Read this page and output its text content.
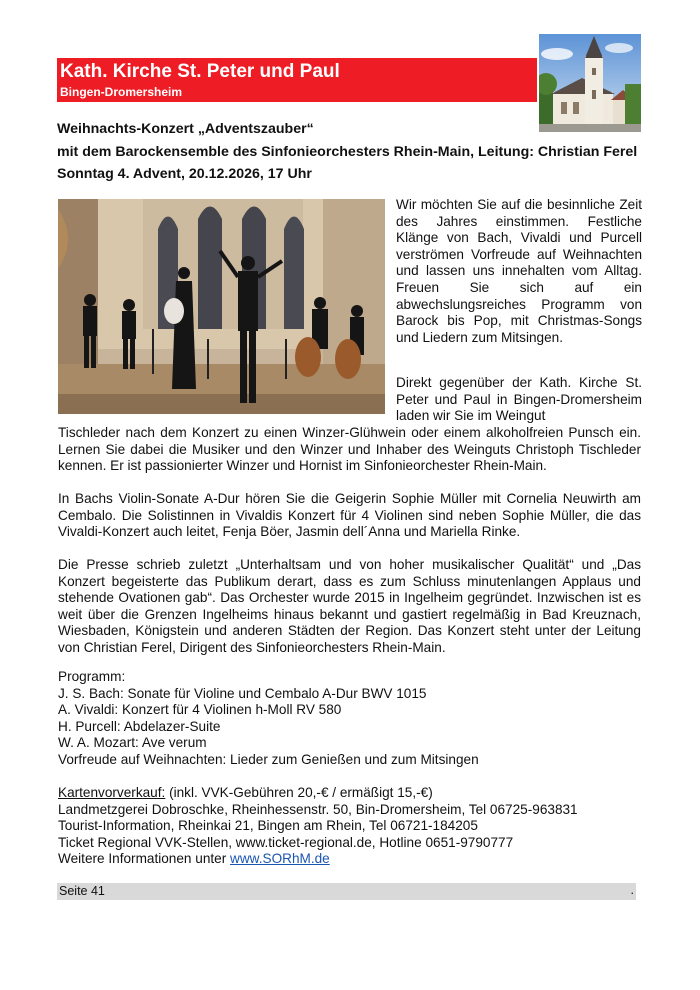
Kath. Kirche St. Peter und Paul
Bingen-Dromersheim
Weihnachts-Konzert „Adventszauber“
mit dem Barockensemble des Sinfonieorchesters Rhein-Main, Leitung: Christian Ferel
Sonntag 4. Advent, 20.12.2026, 17 Uhr

Wir möchten Sie auf die besinnliche Zeit des Jahres einstimmen. Festliche Klänge von Bach, Vivaldi und Purcell verströmen Vorfreude auf Weihnachten und lassen uns innehalten vom Alltag. Freuen Sie sich auf ein abwechslungsreiches Programm von Barock bis Pop, mit Christmas-Songs und Liedern zum Mitsingen.

Direkt gegenüber der Kath. Kirche St. Peter und Paul in Bingen-Dromersheim laden wir Sie im Weingut

Tischleder nach dem Konzert zu einen Winzer-Glühwein oder einem alkoholfreien Punsch ein. Lernen Sie dabei die Musiker und den Winzer und Inhaber des Weinguts Christoph Tischleder kennen. Er ist passionierter Winzer und Hornist im Sinfonieorchester Rhein-Main.

In Bachs Violin-Sonate A-Dur hören Sie die Geigerin Sophie Müller mit Cornelia Neuwirth am Cembalo. Die Solistinnen in Vivaldis Konzert für 4 Violinen sind neben Sophie Müller, die das Vivaldi-Konzert auch leitet, Fenja Böer, Jasmin dell´Anna und Mariella Rinke.

Die Presse schrieb zuletzt „Unterhaltsam und von hoher musikalischer Qualität“ und „Das Konzert begeisterte das Publikum derart, dass es zum Schluss minutenlangen Applaus und stehende Ovationen gab“. Das Orchester wurde 2015 in Ingelheim gegründet. Inzwischen ist es weit über die Grenzen Ingelheims hinaus bekannt und gastiert regelmäßig in Bad Kreuznach, Wiesbaden, Königstein und anderen Städten der Region. Das Konzert steht unter der Leitung von Christian Ferel, Dirigent des Sinfonieorchesters Rhein-Main.

Programm:
J. S. Bach: Sonate für Violine und Cembalo A-Dur BWV 1015
A. Vivaldi: Konzert für 4 Violinen h-Moll RV 580
H. Purcell: Abdelazer-Suite
W. A. Mozart: Ave verum
Vorfreude auf Weihnachten: Lieder zum Genießen und zum Mitsingen
Kartenvorverkauf: (inkl. VVK-Gebühren 20,-€ / ermäßigt 15,-€)
Landmetzgerei Dobroschke, Rheinhessenstr. 50, Bin-Dromersheim, Tel 06725-963831
Tourist-Information, Rheinkai 21, Bingen am Rhein, Tel 06721-184205
Ticket Regional VVK-Stellen, www.ticket-regional.de, Hotline 0651-9790777
Weitere Informationen unter www.SORhM.de
Seite 41	.
